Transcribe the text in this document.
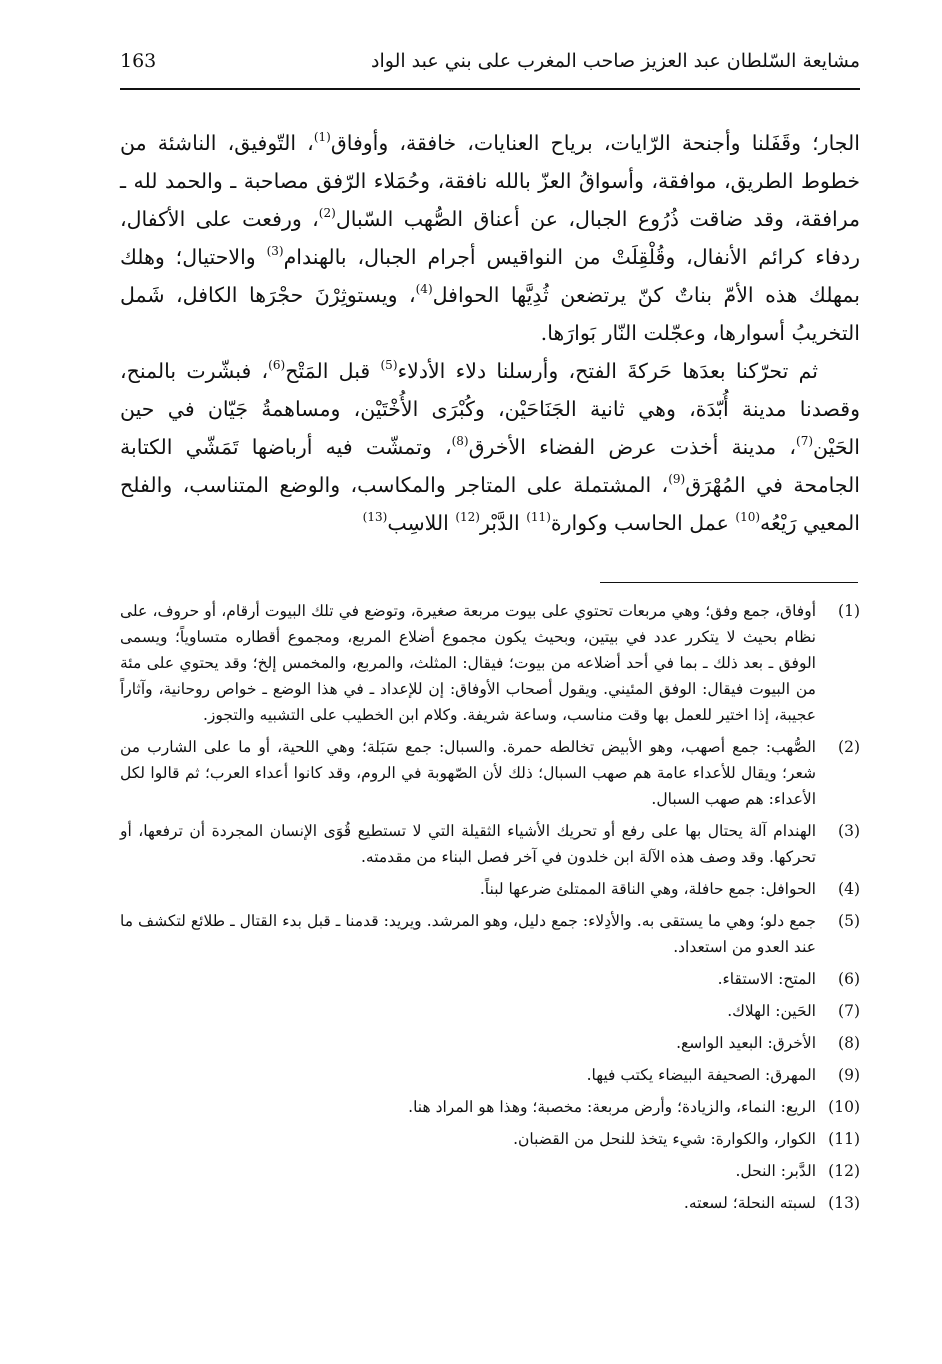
مشايعة السّلطان عبد العزيز صاحب المغرب على بني عبد الواد
163

الجار؛ وقَفَلنا وأجنحة الرّايات، برياح العنايات، خافقة، وأوفاق$^{(1)}$، التّوفيق، الناشئة من خطوط الطريق، موافقة، وأسواقُ العزّ بالله نافقة، وحُمَلاء الرّفق مصاحبة ـ والحمد لله ـ مرافقة، وقد ضاقت ذُرُوع الجبال، عن أعناق الصُّهب السّبال$^{(2)}$، ورفعت على الأكفال، ردفاء كرائم الأنفال، وقُلْقِلَتْ من النواقيس أجرام الجبال، بالهندام$^{(3)}$ والاحتيال؛ وهلك بمهلك هذه الأمّ بناتٌ كنّ يرتضعن ثُدِيَّها الحوافل$^{(4)}$، ويستوثِرْنَ حجْرَها الكافل، شَمل التخريبُ أسوارها، وعجّلت النّار بَوارَها.

ثم تحرّكنا بعدَها حَركةَ الفتح، وأرسلنا دلاء الأدلاء$^{(5)}$ قبل المَتْح$^{(6)}$، فبشّرت بالمنح، وقصدنا مدينة أُبّدَة، وهي ثانية الجَنَاحَيْن، وكُبْرَى الأُخْتَيْن، ومساهمةُ جَيّان في حين الحَيْن$^{(7)}$، مدينة أخذت عرض الفضاء الأخرق$^{(8)}$، وتمشّت فيه أرباضها تَمَشّي الكتابة الجامحة في المُهْرَق$^{(9)}$، المشتملة على المتاجر والمكاسب، والوضع المتناسب، والفلح المعيي رَيْعُه$^{(10)}$ عمل الحاسب وكوارة$^{(11)}$ الدَّبْر$^{(12)}$ اللاسِب$^{(13)}$

(1)
أوفاق، جمع وفق؛ وهي مربعات تحتوي على بيوت مربعة صغيرة، وتوضع في تلك البيوت أرقام، أو حروف، على نظام بحيث لا يتكرر عدد في بيتين، وبحيث يكون مجموع أضلاع المربع، ومجموع أقطاره متساوياً؛ ويسمى الوفق ـ بعد ذلك ـ بما في أحد أضلاعه من بيوت؛ فيقال: المثلث، والمربع، والمخمس إلخ؛ وقد يحتوي على مئة من البيوت فيقال: الوفق المئيني. ويقول أصحاب الأوفاق: إن للإعداد ـ في هذا الوضع ـ خواص روحانية، وآثاراً عجيبة، إذا اختير للعمل بها وقت مناسب، وساعة شريفة. وكلام ابن الخطيب على التشبيه والتجوز.
(2)
الصُّهب: جمع أصهب، وهو الأبيض تخالطه حمرة. والسبال: جمع سَبَلة؛ وهي اللحية، أو ما على الشارب من شعر؛ ويقال للأعداء عامة هم صهب السبال؛ ذلك لأن الصّهوبة في الروم، وقد كانوا أعداء العرب؛ ثم قالوا لكل الأعداء: هم صهب السبال.
(3)
الهندام آلة يحتال بها على رفع أو تحريك الأشياء الثقيلة التي لا تستطيع قُوَى الإنسان المجردة أن ترفعها، أو تحركها. وقد وصف هذه الآلة ابن خلدون في آخر فصل البناء من مقدمته.
(4)
الحوافل: جمع حافلة، وهي الناقة الممتلئ ضرعها لبناً.
(5)
جمع دلو؛ وهي ما يستقى به. والأدِلاء: جمع دليل، وهو المرشد. ويريد: قدمنا ـ قبل بدء القتال ـ طلائع لتكشف ما عند العدو من استعداد.
(6)
المتح: الاستقاء.
(7)
الحَين: الهلاك.
(8)
الأخرق: البعيد الواسع.
(9)
المهرق: الصحيفة البيضاء يكتب فيها.
(10)
الريع: النماء، والزيادة؛ وأرض مربعة: مخصبة؛ وهذا هو المراد هنا.
(11)
الكوار، والكوارة: شيء يتخذ للنحل من القضبان.
(12)
الدَّبر: النحل.
(13)
لسبته النحلة؛ لسعته.
